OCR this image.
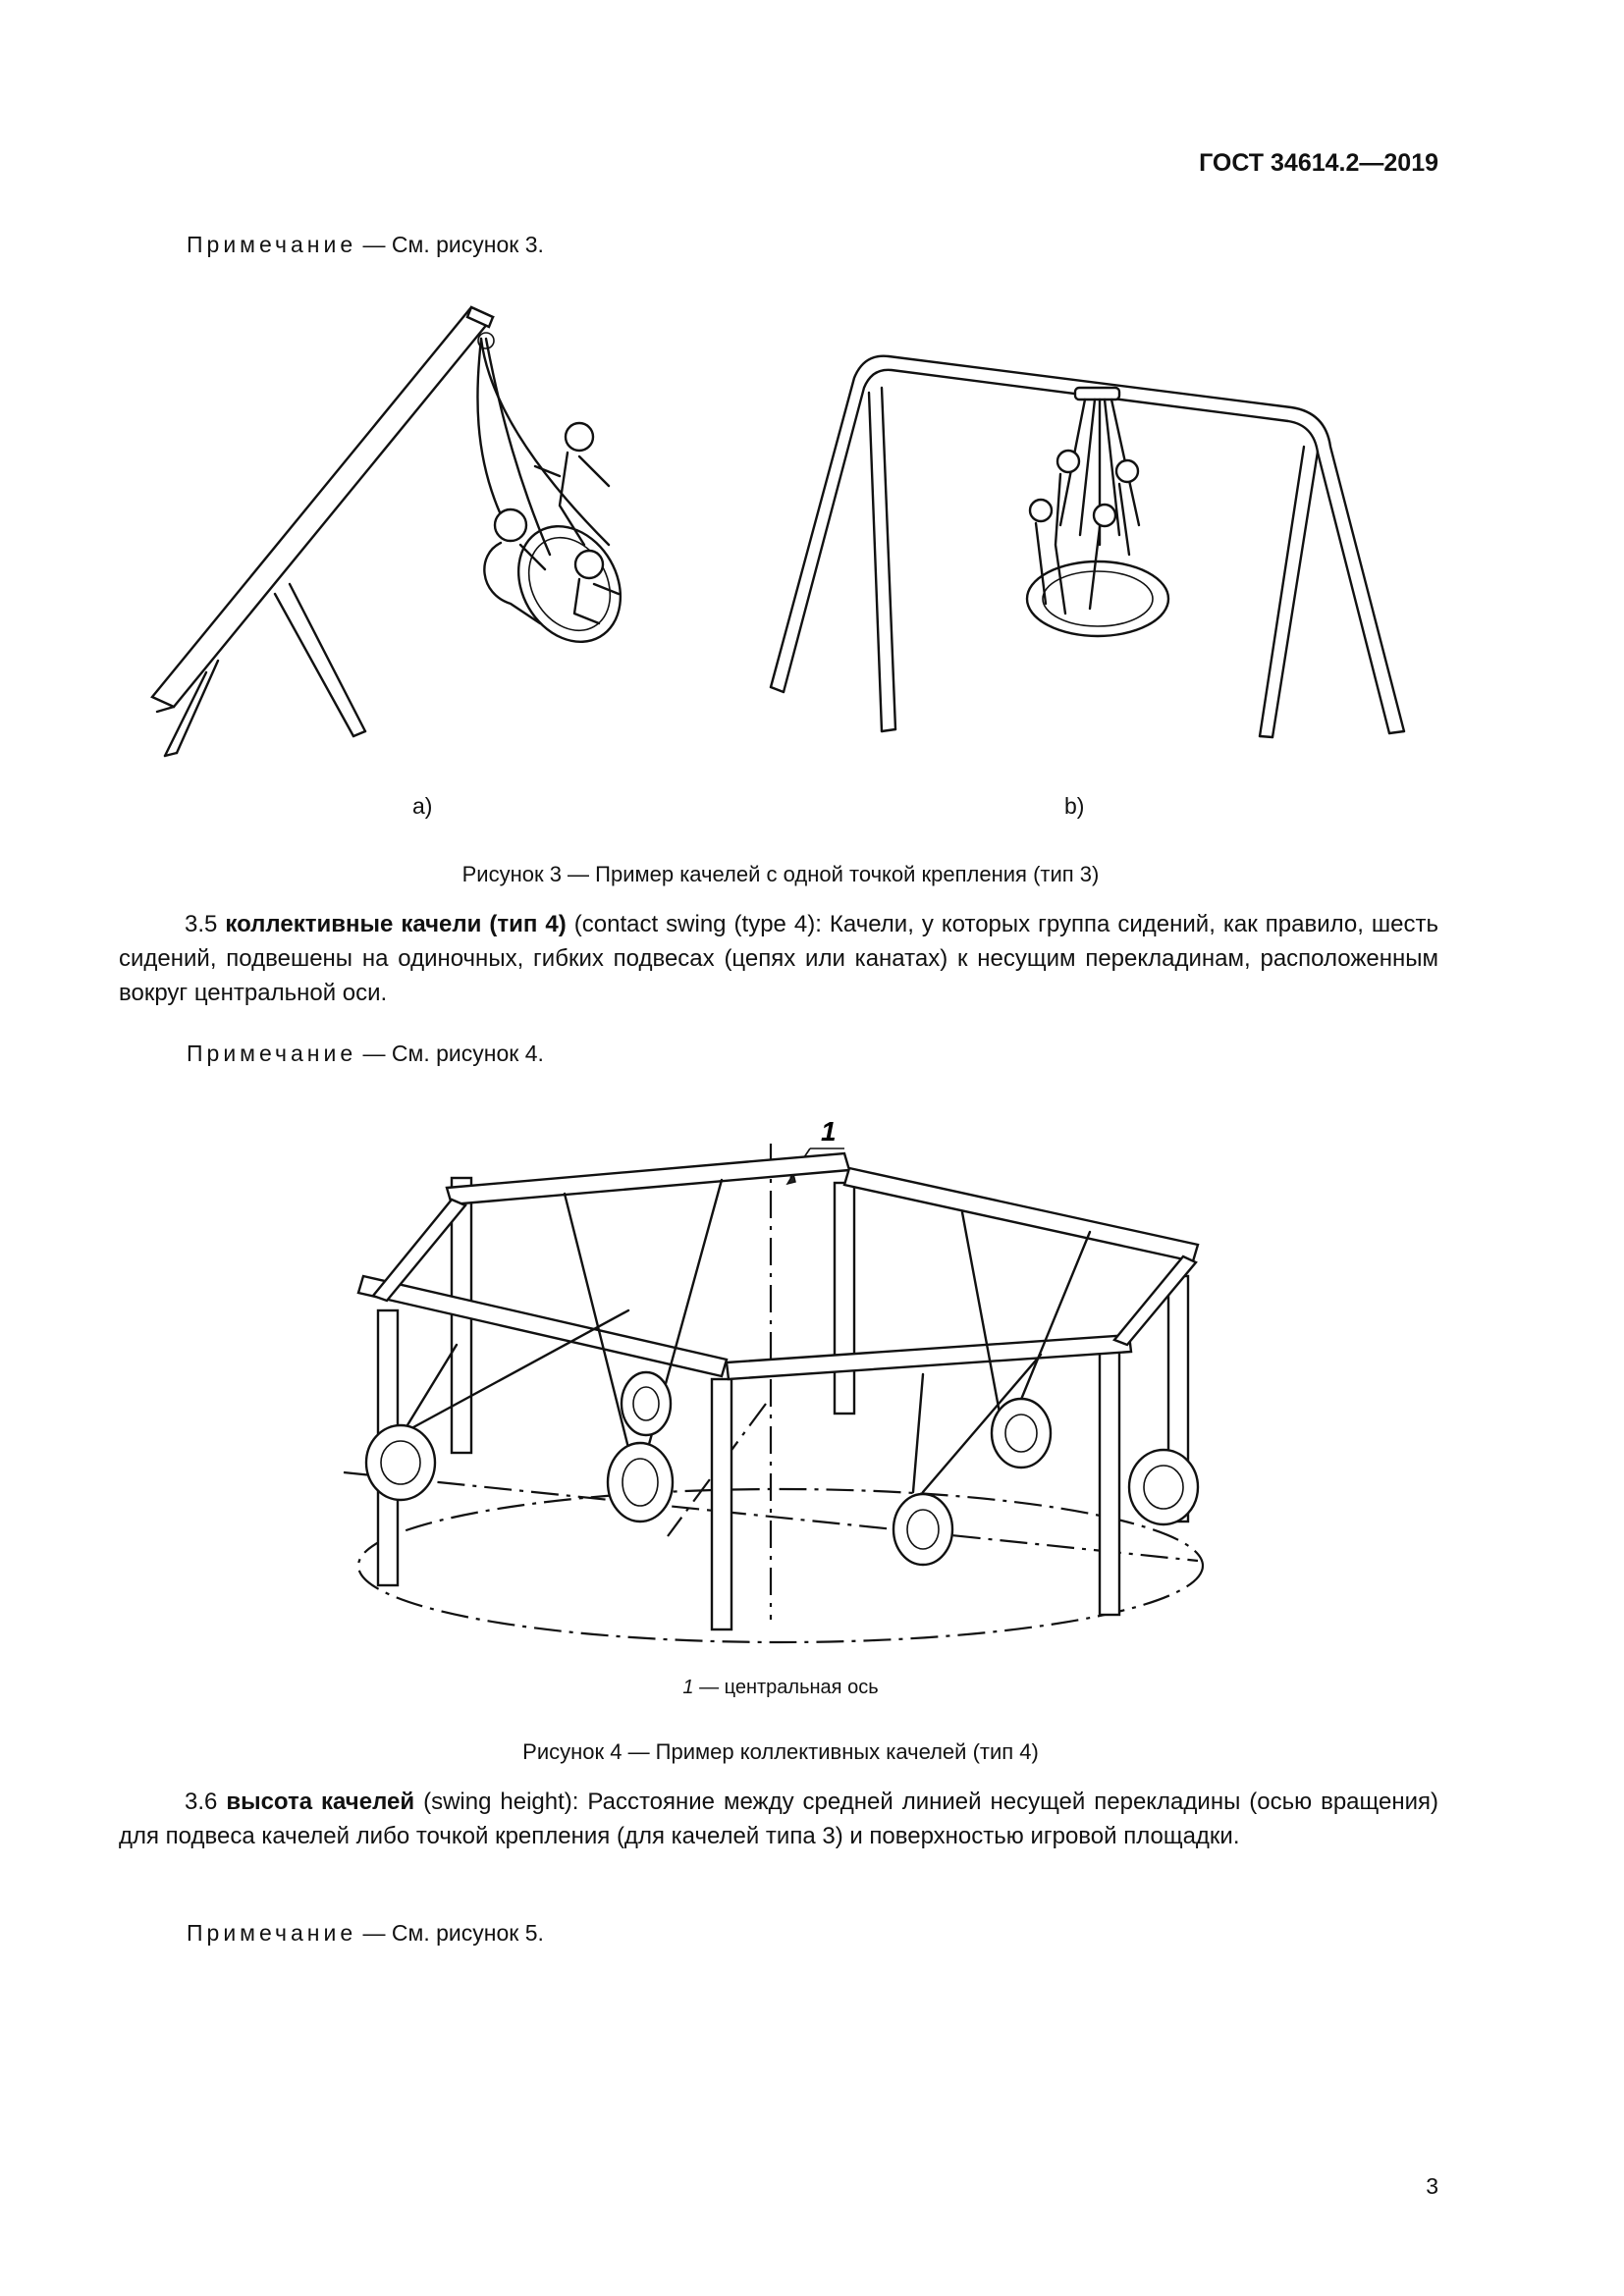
ГОСТ 34614.2—2019
Примечание — См. рисунок 3.
a)	b)
Рисунок 3 — Пример качелей с одной точкой крепления (тип 3)

3.5 коллективные качели (тип 4) (contact swing (type 4): Качели, у которых группа сидений, как правило, шесть сидений, подвешены на одиночных, гибких подвесах (цепях или канатах) к несущим перекладинам, расположенным вокруг центральной оси.

Примечание — См. рисунок 4.
1
1 — центральная ось
Рисунок 4 — Пример коллективных качелей (тип 4)

3.6 высота качелей (swing height): Расстояние между средней линией несущей перекладины (осью вращения) для подвеса качелей либо точкой крепления (для качелей типа 3) и поверхностью игровой площадки.

Примечание — См. рисунок 5.
3
